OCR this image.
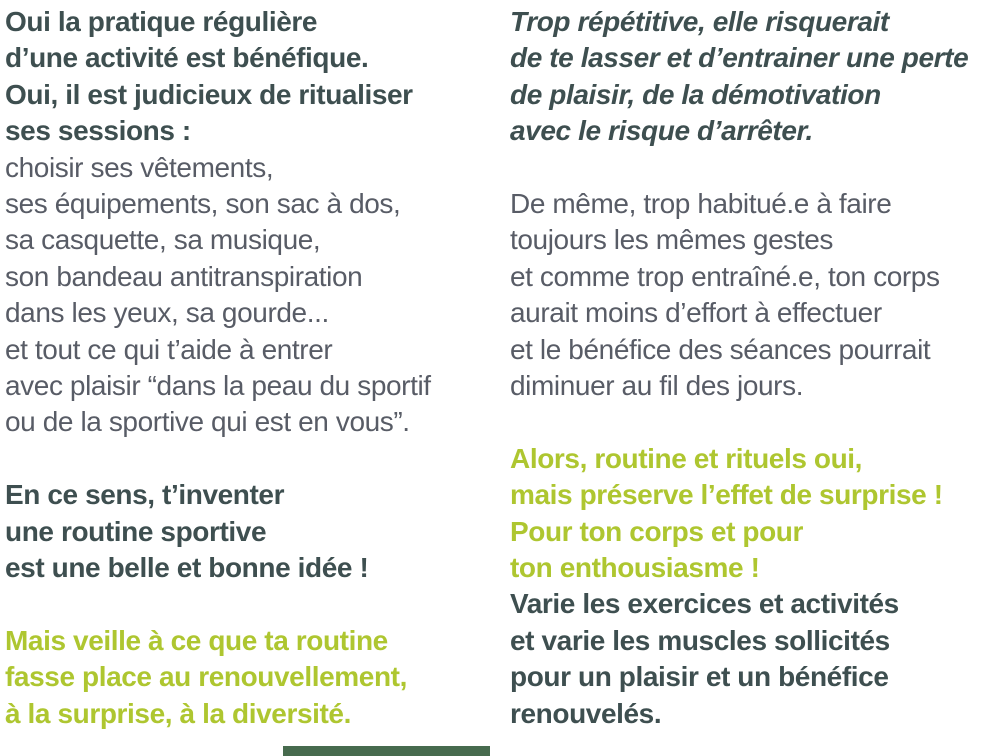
Oui la pratique régulière
d’une activité est bénéfique.
Oui, il est judicieux de ritualiser
ses sessions :
choisir ses vêtements,
ses équipements, son sac à dos,
sa casquette, sa musique,
son bandeau antitranspiration
dans les yeux, sa gourde...
et tout ce qui t’aide à entrer
avec plaisir “dans la peau du sportif
ou de la sportive qui est en vous”.
En ce sens, t’inventer
une routine sportive
est une belle et bonne idée !
Mais veille à ce que ta routine
fasse place au renouvellement,
à la surprise, à la diversité.
Trop répétitive, elle risquerait
de te lasser et d’entrainer une perte
de plaisir, de la démotivation
avec le risque d’arrêter.
De même, trop habitué.e à faire
toujours les mêmes gestes
et comme trop entraîné.e, ton corps
aurait moins d’effort à effectuer
et le bénéfice des séances pourrait
diminuer au fil des jours.
Alors, routine et rituels oui,
mais préserve l’effet de surprise !
Pour ton corps et pour
ton enthousiasme !
Varie les exercices et activités
et varie les muscles sollicités
pour un plaisir et un bénéfice
renouvelés.
